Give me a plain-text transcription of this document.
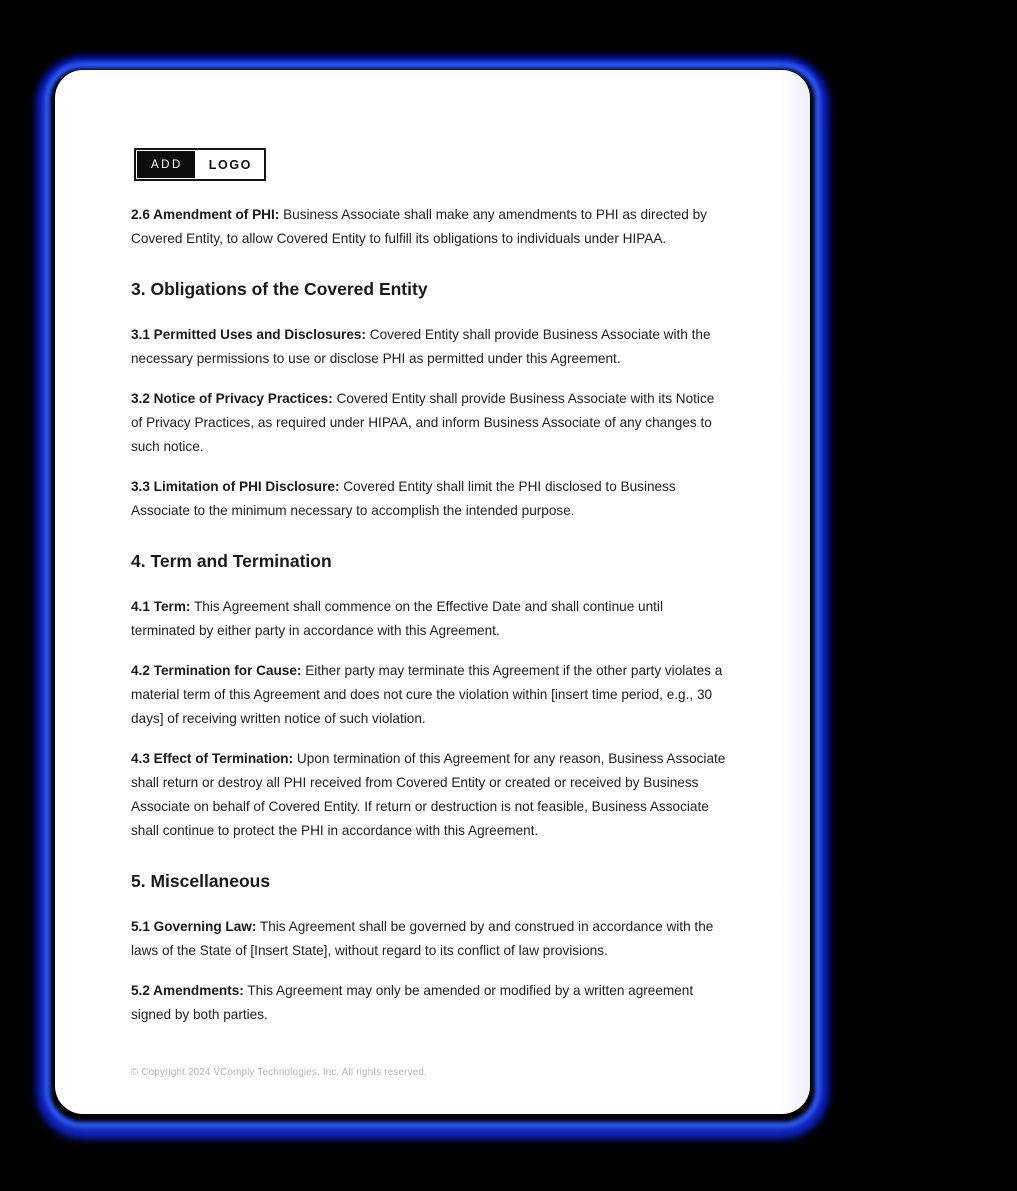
ADD	LOGO

2.6 Amendment of PHI: Business Associate shall make any amendments to PHI as directed by Covered Entity, to allow Covered Entity to fulfill its obligations to individuals under HIPAA.

3. Obligations of the Covered Entity

3.1 Permitted Uses and Disclosures: Covered Entity shall provide Business Associate with the necessary permissions to use or disclose PHI as permitted under this Agreement.

3.2 Notice of Privacy Practices: Covered Entity shall provide Business Associate with its Notice of Privacy Practices, as required under HIPAA, and inform Business Associate of any changes to such notice.

3.3 Limitation of PHI Disclosure: Covered Entity shall limit the PHI disclosed to Business Associate to the minimum necessary to accomplish the intended purpose.

4. Term and Termination

4.1 Term: This Agreement shall commence on the Effective Date and shall continue until terminated by either party in accordance with this Agreement.

4.2 Termination for Cause: Either party may terminate this Agreement if the other party violates a material term of this Agreement and does not cure the violation within [insert time period, e.g., 30 days] of receiving written notice of such violation.

4.3 Effect of Termination: Upon termination of this Agreement for any reason, Business Associate shall return or destroy all PHI received from Covered Entity or created or received by Business Associate on behalf of Covered Entity. If return or destruction is not feasible, Business Associate shall continue to protect the PHI in accordance with this Agreement.

5. Miscellaneous

5.1 Governing Law: This Agreement shall be governed by and construed in accordance with the laws of the State of [Insert State], without regard to its conflict of law provisions.

5.2 Amendments: This Agreement may only be amended or modified by a written agreement signed by both parties.

© Copyright 2024 VComply Technologies, Inc. All rights reserved.
